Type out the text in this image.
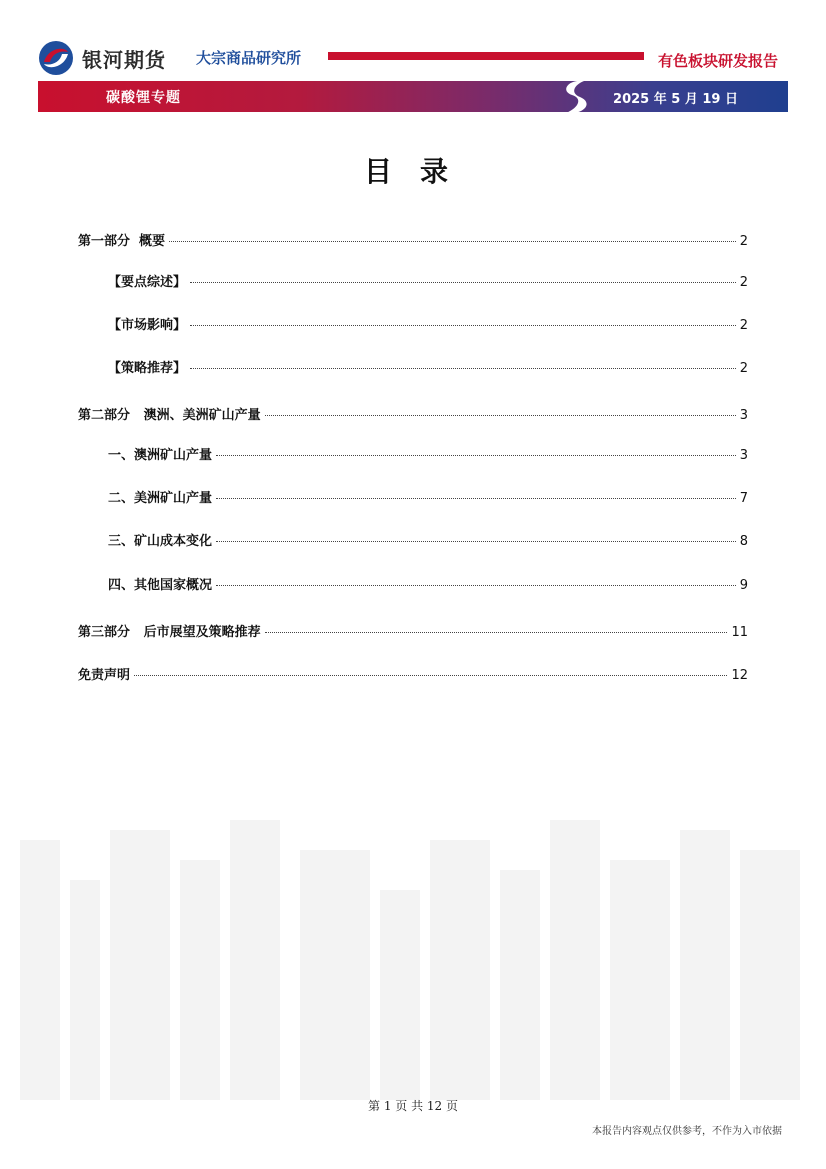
银河期货 大宗商品研究所	有色板块研发报告
碳酸锂专题	2025 年 5 月 19 日
目录
第一部分  概要	2
【要点综述】	2
【市场影响】	2
【策略推荐】	2
第二部分   澳洲、美洲矿山产量	3
一、澳洲矿山产量	3
二、美洲矿山产量	7
三、矿山成本变化	8
四、其他国家概况	9
第三部分   后市展望及策略推荐	11
免责声明	12
第 1 页 共 12 页
本报告内容观点仅供参考，不作为入市依据
